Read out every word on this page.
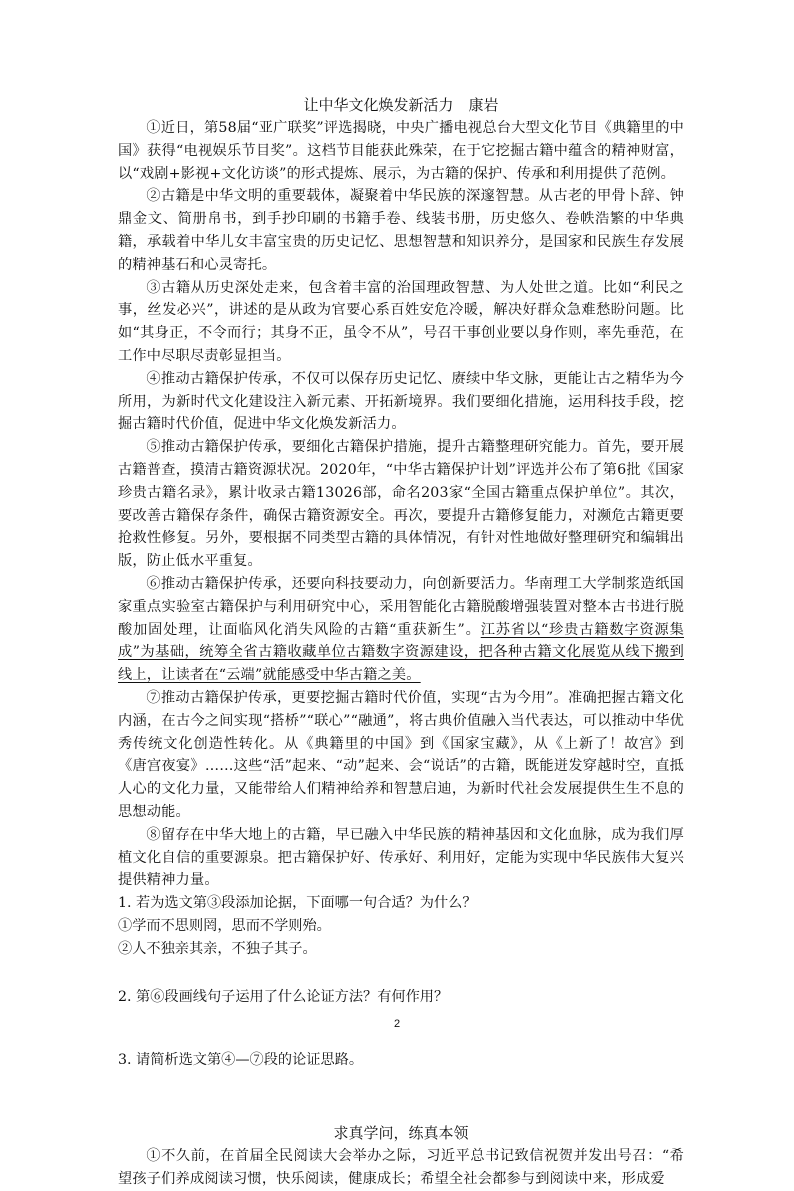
让中华文化焕发新活力　康岩

①近日，第58届“亚广联奖”评选揭晓，中央广播电视总台大型文化节目《典籍里的中国》获得“电视娱乐节目奖”。这档节目能获此殊荣，在于它挖掘古籍中蕴含的精神财富，以“戏剧+影视+文化访谈”的形式提炼、展示，为古籍的保护、传承和利用提供了范例。

②古籍是中华文明的重要载体，凝聚着中华民族的深邃智慧。从古老的甲骨卜辞、钟鼎金文、简册帛书，到手抄印刷的书籍手卷、线装书册，历史悠久、卷帙浩繁的中华典籍，承载着中华儿女丰富宝贵的历史记忆、思想智慧和知识养分，是国家和民族生存发展的精神基石和心灵寄托。

③古籍从历史深处走来，包含着丰富的治国理政智慧、为人处世之道。比如“利民之事，丝发必兴”，讲述的是从政为官要心系百姓安危冷暖，解决好群众急难愁盼问题。比如“其身正，不令而行；其身不正，虽令不从”，号召干事创业要以身作则，率先垂范，在工作中尽职尽责彰显担当。

④推动古籍保护传承，不仅可以保存历史记忆、赓续中华文脉，更能让古之精华为今所用，为新时代文化建设注入新元素、开拓新境界。我们要细化措施，运用科技手段，挖掘古籍时代价值，促进中华文化焕发新活力。

⑤推动古籍保护传承，要细化古籍保护措施，提升古籍整理研究能力。首先，要开展古籍普查，摸清古籍资源状况。2020年，“中华古籍保护计划”评选并公布了第6批《国家珍贵古籍名录》，累计收录古籍13026部，命名203家“全国古籍重点保护单位”。其次，要改善古籍保存条件，确保古籍资源安全。再次，要提升古籍修复能力，对濒危古籍更要抢救性修复。另外，要根据不同类型古籍的具体情况，有针对性地做好整理研究和编辑出版，防止低水平重复。

⑥推动古籍保护传承，还要向科技要动力，向创新要活力。华南理工大学制浆造纸国家重点实验室古籍保护与利用研究中心，采用智能化古籍脱酸增强装置对整本古书进行脱酸加固处理，让面临风化消失风险的古籍“重获新生”。江苏省以“珍贵古籍数字资源集成”为基础，统筹全省古籍收藏单位古籍数字资源建设，把各种古籍文化展览从线下搬到线上，让读者在“云端”就能感受中华古籍之美。

⑦推动古籍保护传承，更要挖掘古籍时代价值，实现“古为今用”。准确把握古籍文化内涵，在古今之间实现“搭桥”“联心”“融通”，将古典价值融入当代表达，可以推动中华优秀传统文化创造性转化。从《典籍里的中国》到《国家宝藏》，从《上新了！故宫》到《唐宫夜宴》……这些“活”起来、“动”起来、会“说话”的古籍，既能迸发穿越时空，直抵人心的文化力量，又能带给人们精神给养和智慧启迪，为新时代社会发展提供生生不息的思想动能。

⑧留存在中华大地上的古籍，早已融入中华民族的精神基因和文化血脉，成为我们厚植文化自信的重要源泉。把古籍保护好、传承好、利用好，定能为实现中华民族伟大复兴提供精神力量。

1. 若为选文第③段添加论据，下面哪一句合适？为什么？

①学而不思则罔，思而不学则殆。

②人不独亲其亲，不独子其子。

2. 第⑥段画线句子运用了什么论证方法？有何作用？

3. 请简析选文第④—⑦段的论证思路。

求真学问，练真本领

①不久前，在首届全民阅读大会举办之际，习近平总书记致信祝贺并发出号召：“希望孩子们养成阅读习惯，快乐阅读，健康成长；希望全社会都参与到阅读中来，形成爱

2
